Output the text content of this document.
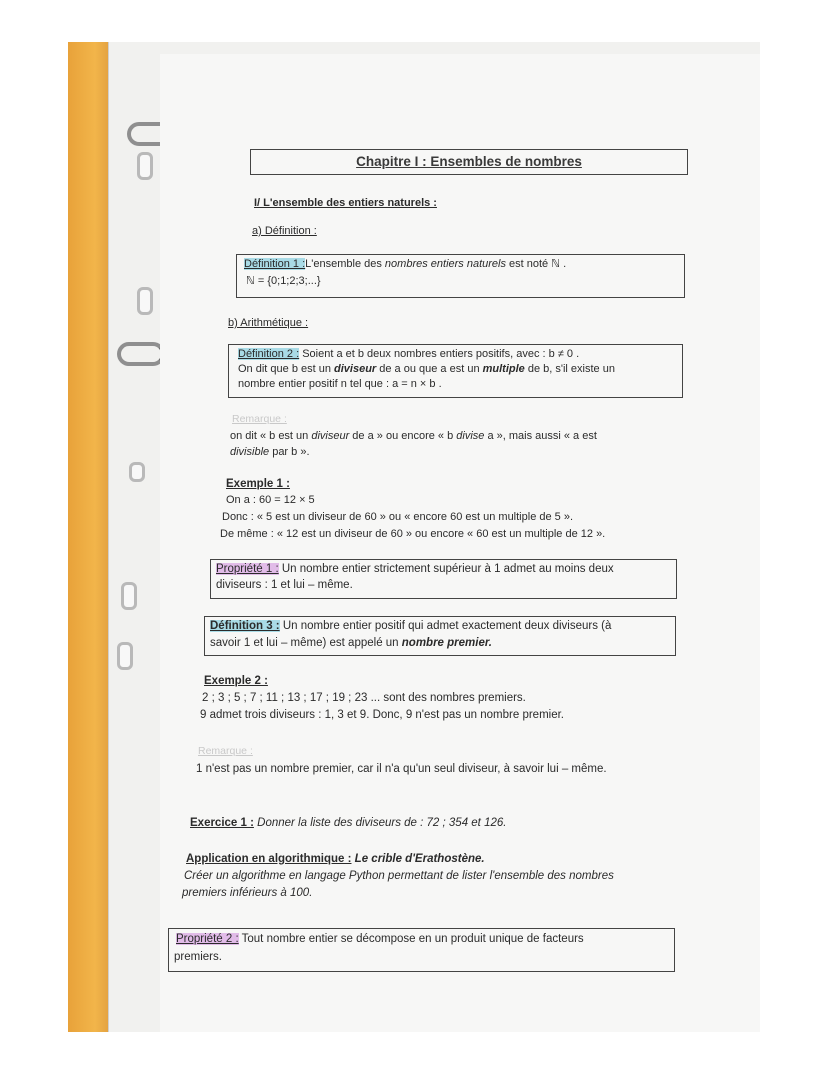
Chapitre I : Ensembles de nombres
I/ L'ensemble des entiers naturels :
a) Définition :
Définition 1 :L'ensemble des nombres entiers naturels est noté ℕ .
ℕ = {0;1;2;3;...}
b) Arithmétique :
Définition 2 : Soient a et b deux nombres entiers positifs, avec : b ≠ 0 .
On dit que b est un diviseur de a ou que a est un multiple de b, s'il existe un
nombre entier positif n tel que : a = n × b .
Remarque :
on dit « b est un diviseur de a » ou encore « b divise a », mais aussi « a est
divisible par b ».
Exemple 1 :
On a : 60 = 12 × 5
Donc : « 5 est un diviseur de 60 » ou « encore 60 est un multiple de 5 ».
De même : « 12 est un diviseur de 60 » ou encore « 60 est un multiple de 12 ».
Propriété 1 : Un nombre entier strictement supérieur à 1 admet au moins deux
diviseurs : 1 et lui – même.
Définition 3 : Un nombre entier positif qui admet exactement deux diviseurs (à
savoir 1 et lui – même) est appelé un nombre premier.
Exemple 2 :
2 ; 3 ; 5 ; 7 ; 11 ; 13 ; 17 ; 19 ; 23 ... sont des nombres premiers.
9 admet trois diviseurs : 1, 3 et 9. Donc, 9 n'est pas un nombre premier.
Remarque :
1 n'est pas un nombre premier, car il n'a qu'un seul diviseur, à savoir lui – même.
Exercice 1 : Donner la liste des diviseurs de : 72 ; 354 et 126.
Application en algorithmique : Le crible d'Erathostène.
Créer un algorithme en langage Python permettant de lister l'ensemble des nombres
premiers inférieurs à 100.
Propriété 2 : Tout nombre entier se décompose en un produit unique de facteurs
premiers.
